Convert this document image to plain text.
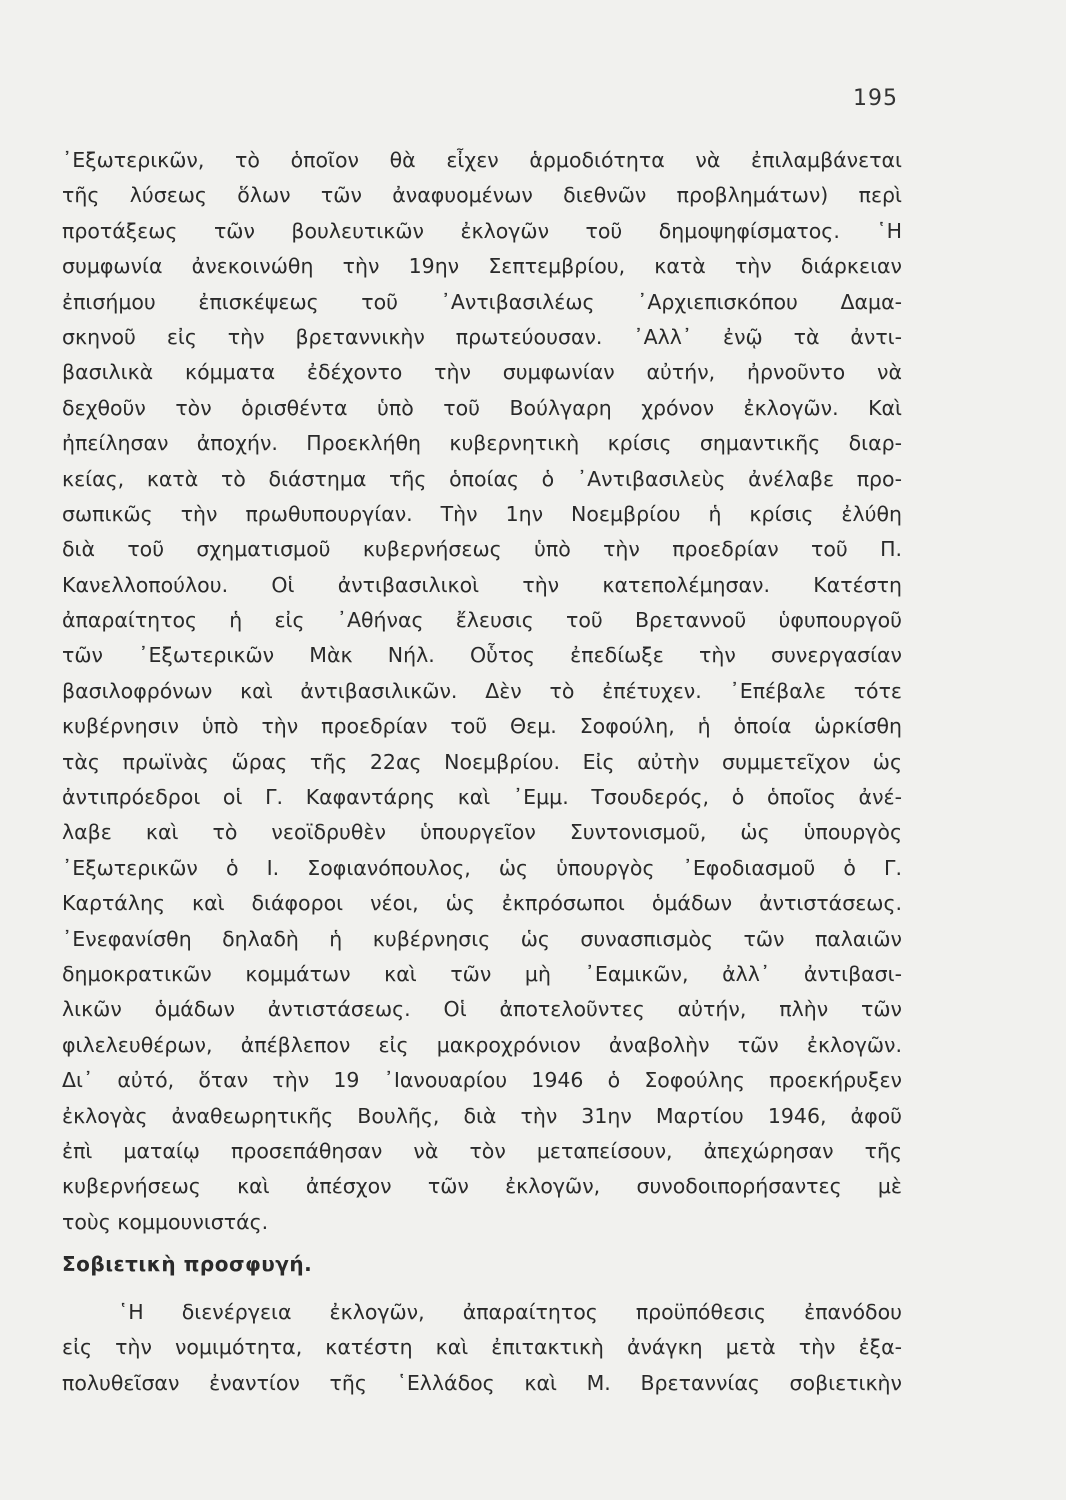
195
᾿Εξωτερικῶν, τὸ ὁποῖον θὰ εἶχεν ἁρμοδιότητα νὰ ἐπιλαμβάνεται
τῆς λύσεως ὅλων τῶν ἀναφυομένων διεθνῶν προβλημάτων) περὶ
προτάξεως τῶν βουλευτικῶν ἐκλογῶν τοῦ δημοψηφίσματος. ῾Η
συμφωνία ἀνεκοινώθη τὴν 19ην Σεπτεμβρίου, κατὰ τὴν διάρκειαν
ἐπισήμου ἐπισκέψεως τοῦ ᾿Αντιβασιλέως ᾿Αρχιεπισκόπου Δαμα-
σκηνοῦ εἰς τὴν βρεταννικὴν πρωτεύουσαν. ᾿Αλλ᾿ ἐνῷ τὰ ἀντι-
βασιλικὰ κόμματα ἐδέχοντο τὴν συμφωνίαν αὐτήν, ἠρνοῦντο νὰ
δεχθοῦν τὸν ὁρισθέντα ὑπὸ τοῦ Βούλγαρη χρόνον ἐκλογῶν. Καὶ
ἠπείλησαν ἀποχήν. Προεκλήθη κυβερνητικὴ κρίσις σημαντικῆς διαρ-
κείας, κατὰ τὸ διάστημα τῆς ὁποίας ὁ ᾿Αντιβασιλεὺς ἀνέλαβε προ-
σωπικῶς τὴν πρωθυπουργίαν. Τὴν 1ην Νοεμβρίου ἡ κρίσις ἐλύθη
διὰ τοῦ σχηματισμοῦ κυβερνήσεως ὑπὸ τὴν προεδρίαν τοῦ Π.
Κανελλοπούλου. Οἱ ἀντιβασιλικοὶ τὴν κατεπολέμησαν. Κατέστη
ἀπαραίτητος ἡ εἰς ᾿Αθήνας ἔλευσις τοῦ Βρεταννοῦ ὑφυπουργοῦ
τῶν ᾿Εξωτερικῶν Μὰκ Νήλ. Οὗτος ἐπεδίωξε τὴν συνεργασίαν
βασιλοφρόνων καὶ ἀντιβασιλικῶν. Δὲν τὸ ἐπέτυχεν. ᾿Επέβαλε τότε
κυβέρνησιν ὑπὸ τὴν προεδρίαν τοῦ Θεμ. Σοφούλη, ἡ ὁποία ὡρκίσθη
τὰς πρωϊνὰς ὥρας τῆς 22ας Νοεμβρίου. Εἰς αὐτὴν συμμετεῖχον ὡς
ἀντιπρόεδροι οἱ Γ. Καφαντάρης καὶ ᾿Εμμ. Τσουδερός, ὁ ὁποῖος ἀνέ-
λαβε καὶ τὸ νεοϊδρυθὲν ὑπουργεῖον Συντονισμοῦ, ὡς ὑπουργὸς
᾿Εξωτερικῶν ὁ Ι. Σοφιανόπουλος, ὡς ὑπουργὸς ᾿Εφοδιασμοῦ ὁ Γ.
Καρτάλης καὶ διάφοροι νέοι, ὡς ἐκπρόσωποι ὁμάδων ἀντιστάσεως.
᾿Ενεφανίσθη δηλαδὴ ἡ κυβέρνησις ὡς συνασπισμὸς τῶν παλαιῶν
δημοκρατικῶν κομμάτων καὶ τῶν μὴ ᾿Εαμικῶν, ἀλλ᾿ ἀντιβασι-
λικῶν ὁμάδων ἀντιστάσεως. Οἱ ἀποτελοῦντες αὐτήν, πλὴν τῶν
φιλελευθέρων, ἀπέβλεπον εἰς μακροχρόνιον ἀναβολὴν τῶν ἐκλογῶν.
Δι᾿ αὐτό, ὅταν τὴν 19 ᾿Ιανουαρίου 1946 ὁ Σοφούλης προεκήρυξεν
ἐκλογὰς ἀναθεωρητικῆς Βουλῆς, διὰ τὴν 31ην Μαρτίου 1946, ἀφοῦ
ἐπὶ ματαίῳ προσεπάθησαν νὰ τὸν μεταπείσουν, ἀπεχώρησαν τῆς
κυβερνήσεως καὶ ἀπέσχον τῶν ἐκλογῶν, συνοδοιπορήσαντες μὲ
τοὺς κομμουνιστάς.
Σοβιετικὴ προσφυγή.
῾Η διενέργεια ἐκλογῶν, ἀπαραίτητος προϋπόθεσις ἐπανόδου
εἰς τὴν νομιμότητα, κατέστη καὶ ἐπιτακτικὴ ἀνάγκη μετὰ τὴν ἐξα-
πολυθεῖσαν ἐναντίον τῆς ῾Ελλάδος καὶ Μ. Βρεταννίας σοβιετικὴν
